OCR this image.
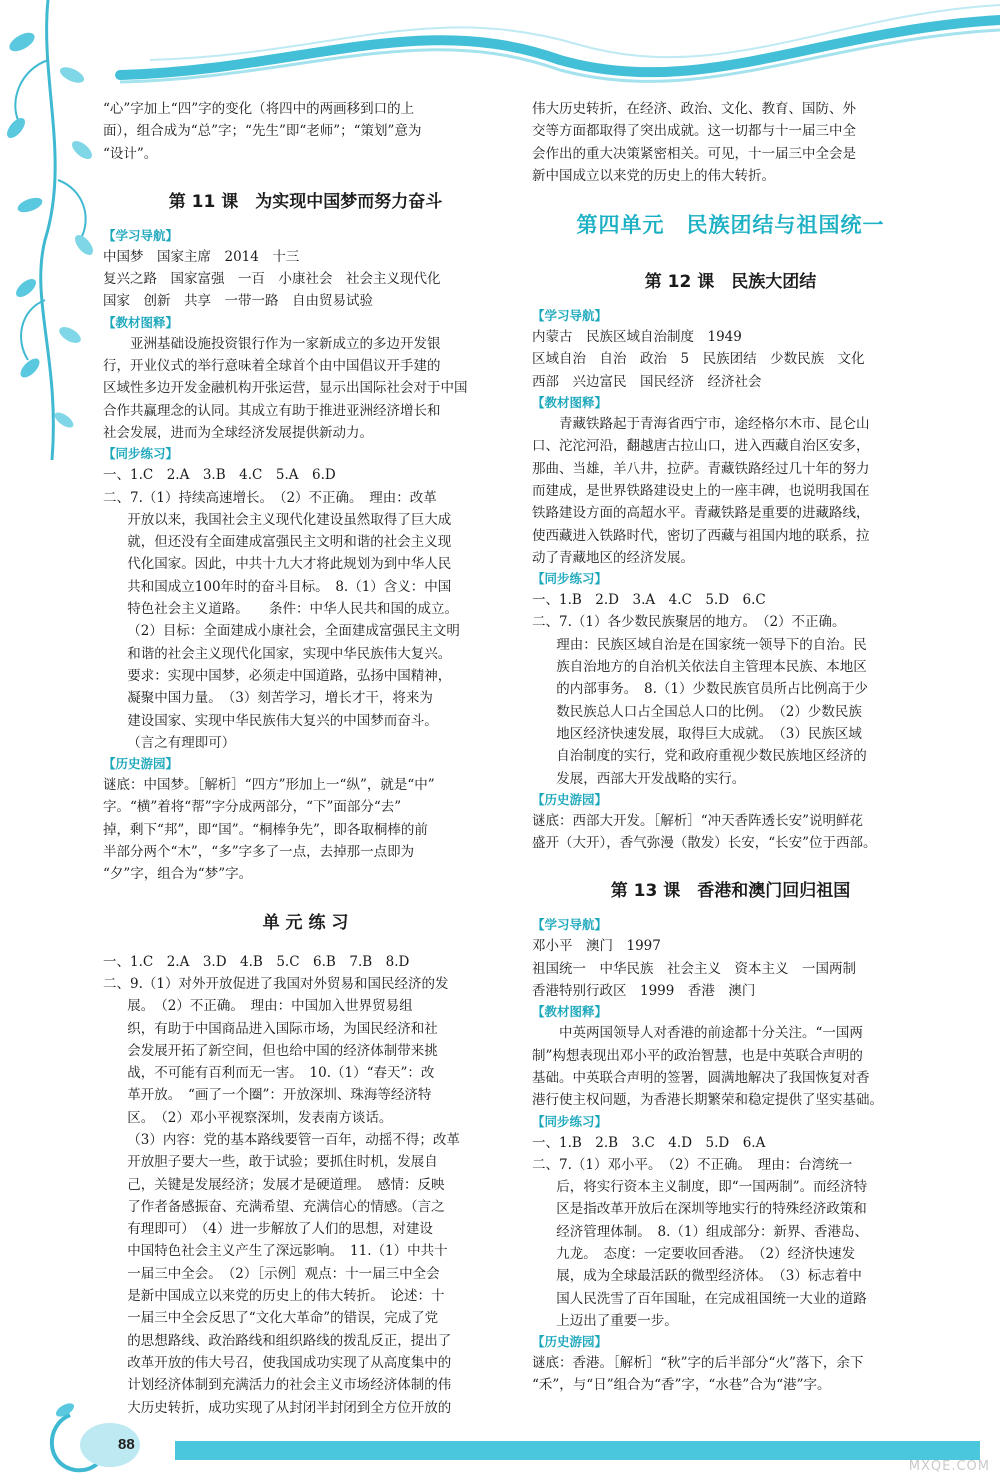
“心”字加上“四”字的变化（将四中的两画移到口的上

面），组合成为“总”字；“先生”即“老师”；“策划”意为

“设计”。

第 11 课　为实现中国梦而努力奋斗

【学习导航】

中国梦　国家主席　2014　十三

复兴之路　国家富强　一百　小康社会　社会主义现代化

国家　创新　共享　一带一路　自由贸易试验

【教材图释】

亚洲基础设施投资银行作为一家新成立的多边开发银

行，开业仪式的举行意味着全球首个由中国倡议开手建的

区域性多边开发金融机构开张运营，显示出国际社会对于中国

合作共赢理念的认同。其成立有助于推进亚洲经济增长和

社会发展，进而为全球经济发展提供新动力。

【同步练习】

一、1.C　2.A　3.B　4.C　5.A　6.D

二、7.（1）持续高速增长。　（2）不正确。　理由：改革

开放以来，我国社会主义现代化建设虽然取得了巨大成

就，但还没有全面建成富强民主文明和谐的社会主义现

代化国家。因此，中共十九大才将此规划为到中华人民

共和国成立100年时的奋斗目标。　8.（1）含义：中国

特色社会主义道路。　　条件：中华人民共和国的成立。

（2）目标：全面建成小康社会，全面建成富强民主文明

和谐的社会主义现代化国家，实现中华民族伟大复兴。

要求：实现中国梦，必须走中国道路，弘扬中国精神，

凝聚中国力量。　（3）刻苦学习，增长才干，将来为

建设国家、实现中华民族伟大复兴的中国梦而奋斗。

（言之有理即可）

【历史游园】

谜底：中国梦。［解析］“四方”形加上一“纵”，就是“中”

字。“横”着将“帮”字分成两部分，“下”面部分“去”

掉，剩下“邦”，即“国”。“桐棒争先”，即各取桐棒的前

半部分两个“木”，“多”字多了一点，去掉那一点即为

“夕”字，组合为“梦”字。

单 元 练 习

一、1.C　2.A　3.D　4.B　5.C　6.B　7.B　8.D

二、9.（1）对外开放促进了我国对外贸易和国民经济的发

展。　（2）不正确。　理由：中国加入世界贸易组

织，有助于中国商品进入国际市场，为国民经济和社

会发展开拓了新空间，但也给中国的经济体制带来挑

战，不可能有百利而无一害。　10.（1）“春天”：改

革开放。　“画了一个圈”：开放深圳、珠海等经济特

区。　（2）邓小平视察深圳，发表南方谈话。

（3）内容：党的基本路线要管一百年，动摇不得；改革

开放胆子要大一些，敢于试验；要抓住时机，发展自

己，关键是发展经济；发展才是硬道理。　感情：反映

了作者备感振奋、充满希望、充满信心的情感。（言之

有理即可）　（4）进一步解放了人们的思想，对建设

中国特色社会主义产生了深远影响。　11.（1）中共十

一届三中全会。　（2）［示例］观点：十一届三中全会

是新中国成立以来党的历史上的伟大转折。　论述：十

一届三中全会反思了“文化大革命”的错误，完成了党

的思想路线、政治路线和组织路线的拨乱反正，提出了

改革开放的伟大号召，使我国成功实现了从高度集中的

计划经济体制到充满活力的社会主义市场经济体制的伟

大历史转折，成功实现了从封闭半封闭到全方位开放的

伟大历史转折，在经济、政治、文化、教育、国防、外

交等方面都取得了突出成就。这一切都与十一届三中全

会作出的重大决策紧密相关。可见，十一届三中全会是

新中国成立以来党的历史上的伟大转折。

第四单元　民族团结与祖国统一
第 12 课　民族大团结

【学习导航】

内蒙古　民族区域自治制度　1949

区域自治　自治　政治　5　民族团结　少数民族　文化

西部　兴边富民　国民经济　经济社会

【教材图释】

青藏铁路起于青海省西宁市，途经格尔木市、昆仑山

口、沱沱河沿，翻越唐古拉山口，进入西藏自治区安多，

那曲、当雄，羊八井，拉萨。青藏铁路经过几十年的努力

而建成，是世界铁路建设史上的一座丰碑，也说明我国在

铁路建设方面的高超水平。青藏铁路是重要的进藏路线，

使西藏进入铁路时代，密切了西藏与祖国内地的联系，拉

动了青藏地区的经济发展。

【同步练习】

一、1.B　2.D　3.A　4.C　5.D　6.C

二、7.（1）各少数民族聚居的地方。　（2）不正确。

理由：民族区域自治是在国家统一领导下的自治。民

族自治地方的自治机关依法自主管理本民族、本地区

的内部事务。　8.（1）少数民族官员所占比例高于少

数民族总人口占全国总人口的比例。　（2）少数民族

地区经济快速发展，取得巨大成就。　（3）民族区域

自治制度的实行，党和政府重视少数民族地区经济的

发展，西部大开发战略的实行。

【历史游园】

谜底：西部大开发。［解析］“冲天香阵透长安”说明鲜花

盛开（大开），香气弥漫（散发）长安，“长安”位于西部。

第 13 课　香港和澳门回归祖国

【学习导航】

邓小平　澳门　1997

祖国统一　中华民族　社会主义　资本主义　一国两制

香港特别行政区　1999　香港　澳门

【教材图释】

中英两国领导人对香港的前途都十分关注。“一国两

制”构想表现出邓小平的政治智慧，也是中英联合声明的

基础。中英联合声明的签署，圆满地解决了我国恢复对香

港行使主权问题，为香港长期繁荣和稳定提供了坚实基础。

【同步练习】

一、1.B　2.B　3.C　4.D　5.D　6.A

二、7.（1）邓小平。　（2）不正确。　理由：台湾统一

后，将实行资本主义制度，即“一国两制”。而经济特

区是指改革开放后在深圳等地实行的特殊经济政策和

经济管理体制。　8.（1）组成部分：新界、香港岛、

九龙。　态度：一定要收回香港。　（2）经济快速发

展，成为全球最活跃的微型经济体。　（3）标志着中

国人民洗雪了百年国耻，在完成祖国统一大业的道路

上迈出了重要一步。

【历史游园】

谜底：香港。［解析］“秋”字的后半部分“火”落下，余下

“禾”，与“日”组合为“香”字，“水巷”合为“港”字。

88
MXQE.COM
